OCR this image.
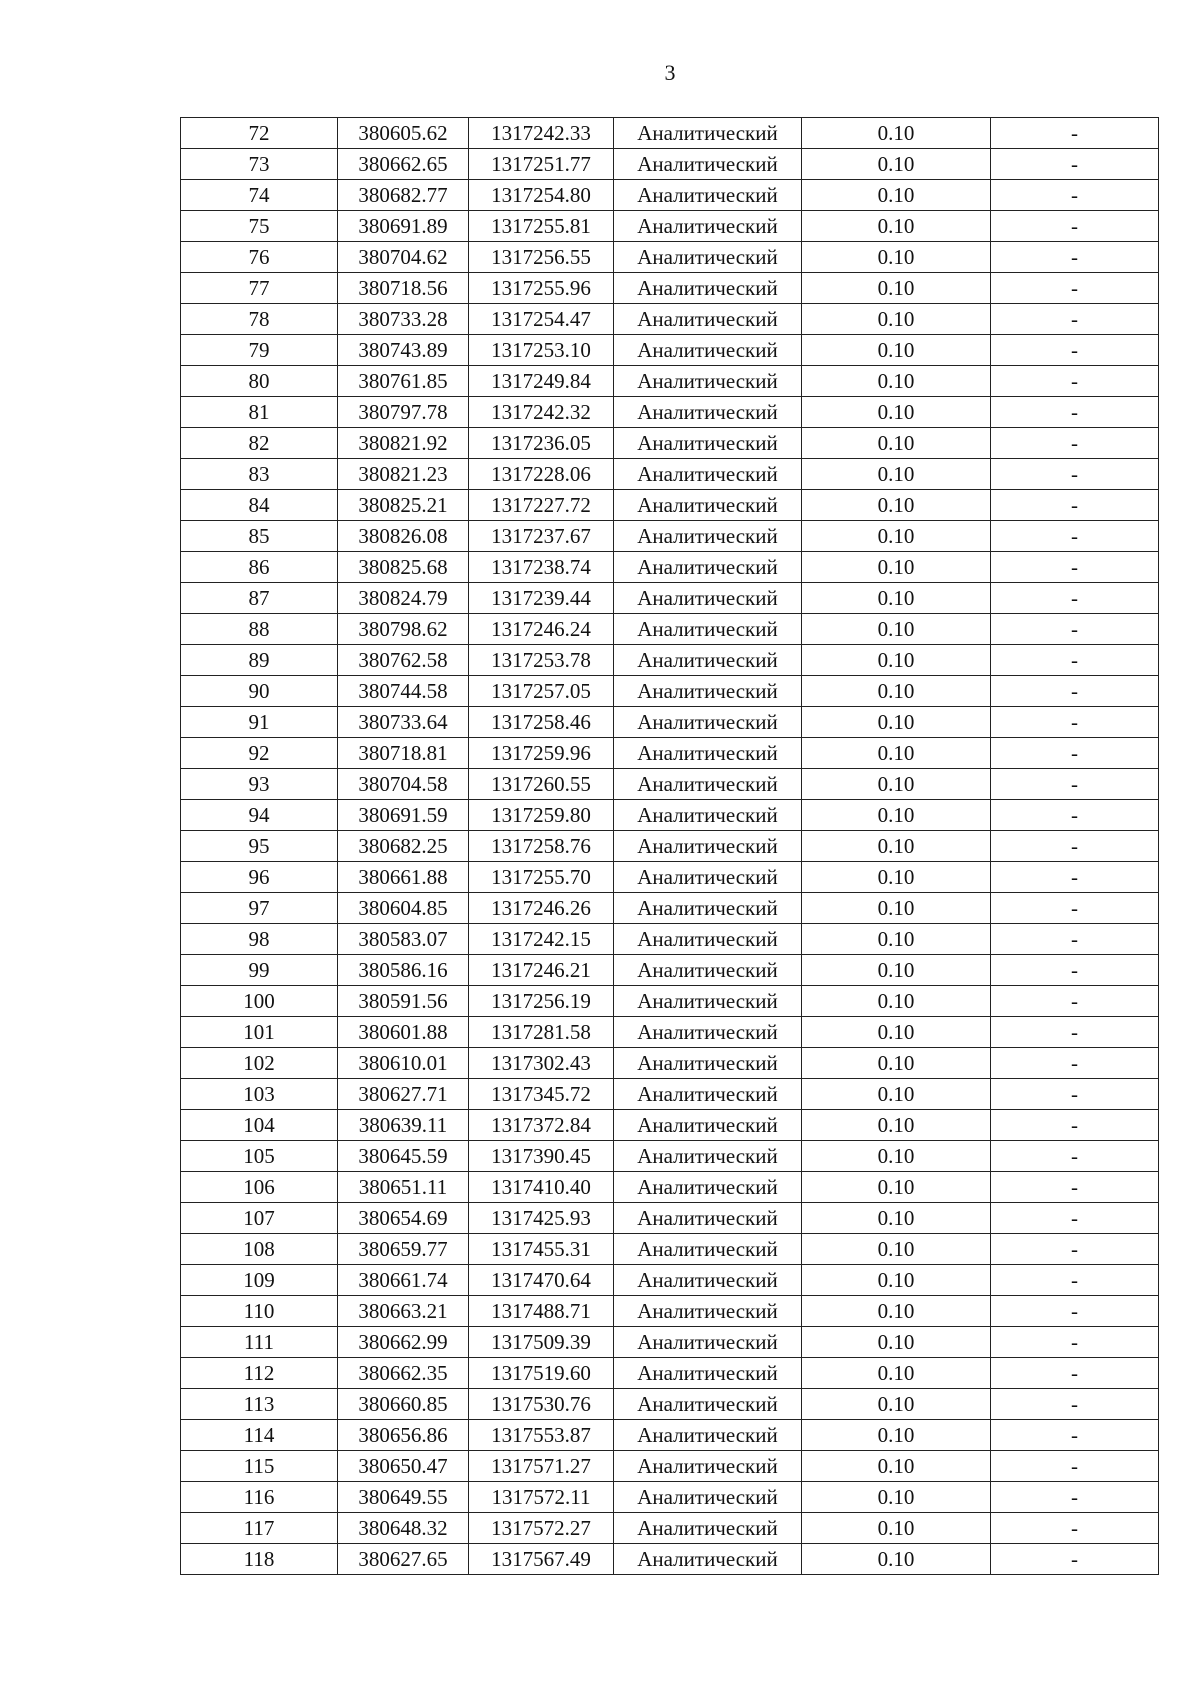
3
72	380605.62	1317242.33	Аналитический	0.10	-
73	380662.65	1317251.77	Аналитический	0.10	-
74	380682.77	1317254.80	Аналитический	0.10	-
75	380691.89	1317255.81	Аналитический	0.10	-
76	380704.62	1317256.55	Аналитический	0.10	-
77	380718.56	1317255.96	Аналитический	0.10	-
78	380733.28	1317254.47	Аналитический	0.10	-
79	380743.89	1317253.10	Аналитический	0.10	-
80	380761.85	1317249.84	Аналитический	0.10	-
81	380797.78	1317242.32	Аналитический	0.10	-
82	380821.92	1317236.05	Аналитический	0.10	-
83	380821.23	1317228.06	Аналитический	0.10	-
84	380825.21	1317227.72	Аналитический	0.10	-
85	380826.08	1317237.67	Аналитический	0.10	-
86	380825.68	1317238.74	Аналитический	0.10	-
87	380824.79	1317239.44	Аналитический	0.10	-
88	380798.62	1317246.24	Аналитический	0.10	-
89	380762.58	1317253.78	Аналитический	0.10	-
90	380744.58	1317257.05	Аналитический	0.10	-
91	380733.64	1317258.46	Аналитический	0.10	-
92	380718.81	1317259.96	Аналитический	0.10	-
93	380704.58	1317260.55	Аналитический	0.10	-
94	380691.59	1317259.80	Аналитический	0.10	-
95	380682.25	1317258.76	Аналитический	0.10	-
96	380661.88	1317255.70	Аналитический	0.10	-
97	380604.85	1317246.26	Аналитический	0.10	-
98	380583.07	1317242.15	Аналитический	0.10	-
99	380586.16	1317246.21	Аналитический	0.10	-
100	380591.56	1317256.19	Аналитический	0.10	-
101	380601.88	1317281.58	Аналитический	0.10	-
102	380610.01	1317302.43	Аналитический	0.10	-
103	380627.71	1317345.72	Аналитический	0.10	-
104	380639.11	1317372.84	Аналитический	0.10	-
105	380645.59	1317390.45	Аналитический	0.10	-
106	380651.11	1317410.40	Аналитический	0.10	-
107	380654.69	1317425.93	Аналитический	0.10	-
108	380659.77	1317455.31	Аналитический	0.10	-
109	380661.74	1317470.64	Аналитический	0.10	-
110	380663.21	1317488.71	Аналитический	0.10	-
111	380662.99	1317509.39	Аналитический	0.10	-
112	380662.35	1317519.60	Аналитический	0.10	-
113	380660.85	1317530.76	Аналитический	0.10	-
114	380656.86	1317553.87	Аналитический	0.10	-
115	380650.47	1317571.27	Аналитический	0.10	-
116	380649.55	1317572.11	Аналитический	0.10	-
117	380648.32	1317572.27	Аналитический	0.10	-
118	380627.65	1317567.49	Аналитический	0.10	-
